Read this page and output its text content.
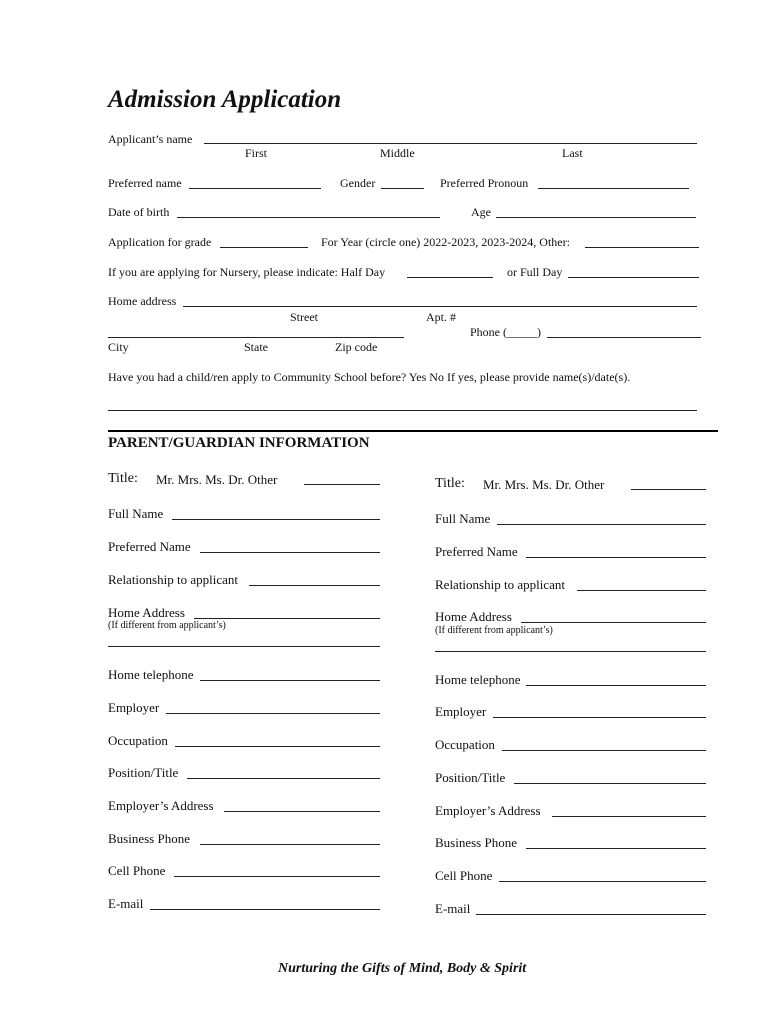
Admission Application
Applicant’s name
First	Middle	Last
Preferred name	Gender	Preferred Pronoun
Date of birth	Age
Application for grade	For Year (circle one) 2022-2023, 2023-2024, Other:
If you are applying for Nursery, please indicate: Half Day	or Full Day
Home address
Street	Apt. #
Phone (_____)
City	State	Zip code
Have you had a child/ren apply to Community School before? Yes No If yes, please provide name(s)/date(s).
PARENT/GUARDIAN INFORMATION
Title: Mr. Mrs. Ms. Dr. Other
Full Name
Preferred Name
Relationship to applicant
Home Address
(If different from applicant’s)
Home telephone
Employer
Occupation
Position/Title
Employer’s Address
Business Phone
Cell Phone
E-mail
Title: Mr. Mrs. Ms. Dr. Other
Full Name
Preferred Name
Relationship to applicant
Home Address
(If different from applicant’s)
Home telephone
Employer
Occupation
Position/Title
Employer’s Address
Business Phone
Cell Phone
E-mail
Nurturing the Gifts of Mind, Body & Spirit
